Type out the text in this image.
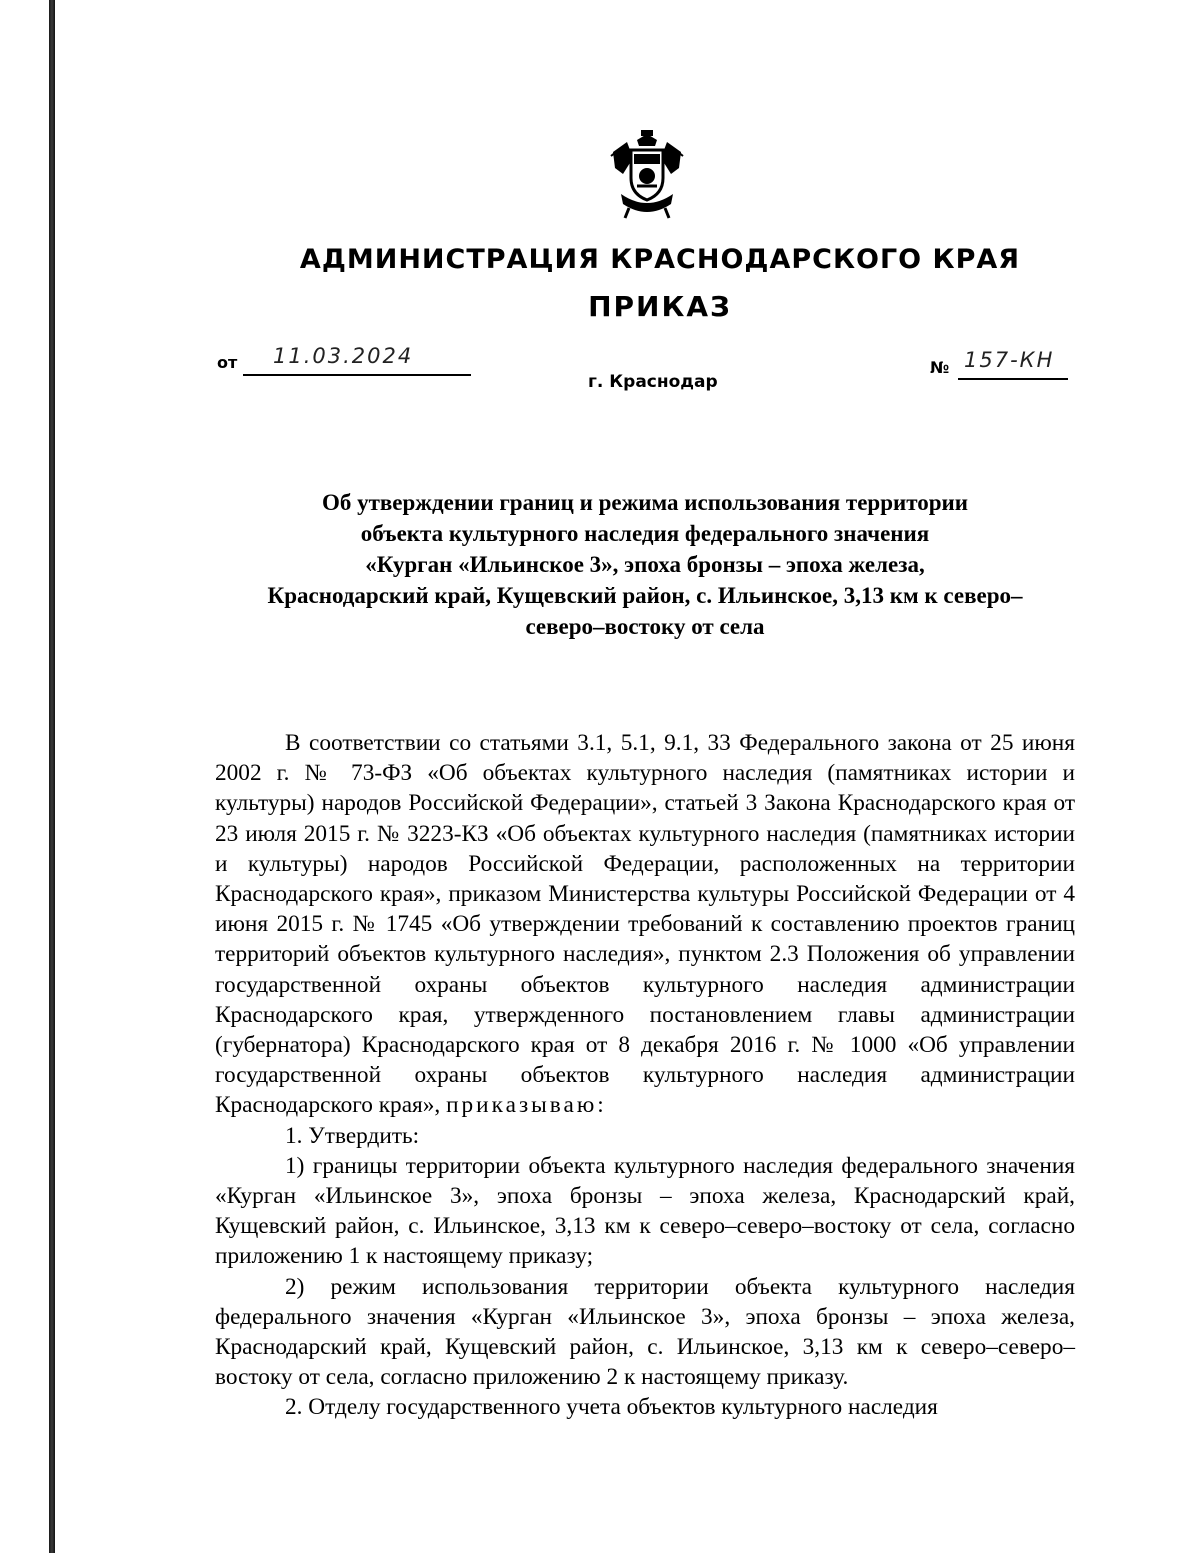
АДМИНИСТРАЦИЯ КРАСНОДАРСКОГО КРАЯ
ПРИКАЗ
от 11.03.2024	№ 157-КН
г. Краснодар
Об утверждении границ и режима использования территории
объекта культурного наследия федерального значения
«Курган «Ильинское 3», эпоха бронзы – эпоха железа,
Краснодарский край, Кущевский район, с. Ильинское, 3,13 км к северо–
северо–востоку от села

В соответствии со статьями 3.1, 5.1, 9.1, 33 Федерального закона от 25 июня 2002 г. № 73-ФЗ «Об объектах культурного наследия (памятниках истории и культуры) народов Российской Федерации», статьей 3 Закона Краснодарского края от 23 июля 2015 г. № 3223-КЗ «Об объектах культурного наследия (памятниках истории и культуры) народов Российской Федерации, расположенных на территории Краснодарского края», приказом Министерства культуры Российской Федерации от 4 июня 2015 г. № 1745 «Об утверждении требований к составлению проектов границ территорий объектов культурного наследия», пунктом 2.3 Положения об управлении государственной охраны объектов культурного наследия администрации Краснодарского края, утвержденного постановлением главы администрации (губернатора) Краснодарского края от 8 декабря 2016 г. № 1000 «Об управлении государственной охраны объектов культурного наследия администрации Краснодарского края», приказываю:

1. Утвердить:

1) границы территории объекта культурного наследия федерального значения «Курган «Ильинское 3», эпоха бронзы – эпоха железа, Краснодарский край, Кущевский район, с. Ильинское, 3,13 км к северо–северо–востоку от села, согласно приложению 1 к настоящему приказу;

2) режим использования территории объекта культурного наследия федерального значения «Курган «Ильинское 3», эпоха бронзы – эпоха железа, Краснодарский край, Кущевский район, с. Ильинское, 3,13 км к северо–северо–востоку от села, согласно приложению 2 к настоящему приказу.

2. Отделу государственного учета объектов культурного наследия
